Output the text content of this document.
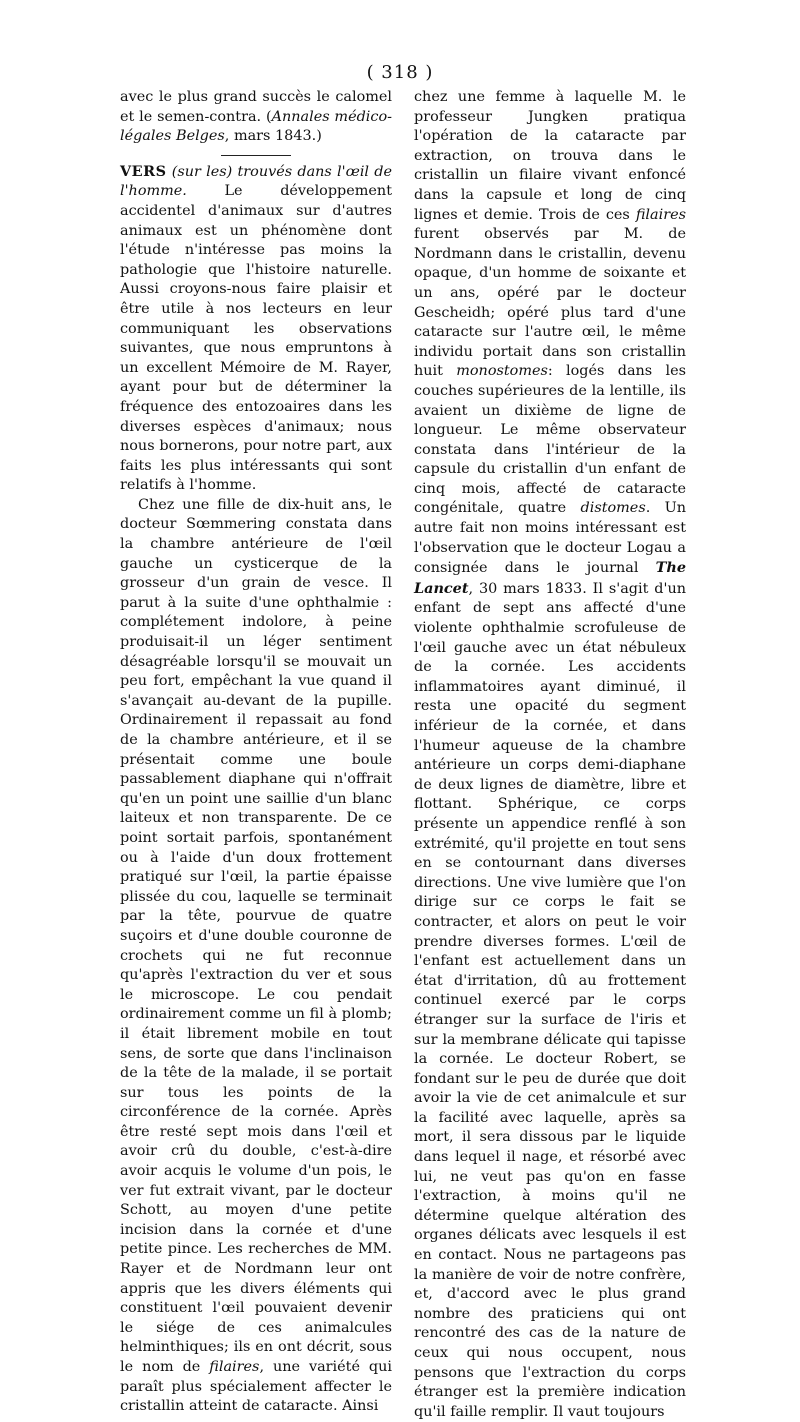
( 318 )

avec le plus grand succès le calomel et le semen-contra. (Annales médico-légales Belges, mars 1843.)

VERS (sur les) trouvés dans l'œil de l'homme. Le développement accidentel d'animaux sur d'autres animaux est un phénomène dont l'étude n'intéresse pas moins la pathologie que l'histoire naturelle. Aussi croyons-nous faire plaisir et être utile à nos lecteurs en leur communiquant les observations suivantes, que nous empruntons à un excellent Mémoire de M. Rayer, ayant pour but de déterminer la fréquence des entozoaires dans les diverses espèces d'animaux; nous nous bornerons, pour notre part, aux faits les plus intéressants qui sont relatifs à l'homme.

Chez une fille de dix-huit ans, le docteur Sœmmering constata dans la chambre antérieure de l'œil gauche un cysticerque de la grosseur d'un grain de vesce. Il parut à la suite d'une ophthalmie : complétement indolore, à peine produisait-il un léger sentiment désagréable lorsqu'il se mouvait un peu fort, empêchant la vue quand il s'avançait au-devant de la pupille. Ordinairement il repassait au fond de la chambre antérieure, et il se présentait comme une boule passablement diaphane qui n'offrait qu'en un point une saillie d'un blanc laiteux et non transparente. De ce point sortait parfois, spontanément ou à l'aide d'un doux frottement pratiqué sur l'œil, la partie épaisse plissée du cou, laquelle se terminait par la tête, pourvue de quatre suçoirs et d'une double couronne de crochets qui ne fut reconnue qu'après l'extraction du ver et sous le microscope. Le cou pendait ordinairement comme un fil à plomb; il était librement mobile en tout sens, de sorte que dans l'inclinaison de la tête de la malade, il se portait sur tous les points de la circonférence de la cornée. Après être resté sept mois dans l'œil et avoir crû du double, c'est-à-dire avoir acquis le volume d'un pois, le ver fut extrait vivant, par le docteur Schott, au moyen d'une petite incision dans la cornée et d'une petite pince. Les recherches de MM. Rayer et de Nordmann leur ont appris que les divers éléments qui constituent l'œil pouvaient devenir le siége de ces animalcules helminthiques; ils en ont décrit, sous le nom de filaires, une variété qui paraît plus spécialement affecter le cristallin atteint de cataracte. Ainsi

chez une femme à laquelle M. le professeur Jungken pratiqua l'opération de la cataracte par extraction, on trouva dans le cristallin un filaire vivant enfoncé dans la capsule et long de cinq lignes et demie. Trois de ces filaires furent observés par M. de Nordmann dans le cristallin, devenu opaque, d'un homme de soixante et un ans, opéré par le docteur Gescheidh; opéré plus tard d'une cataracte sur l'autre œil, le même individu portait dans son cristallin huit monostomes: logés dans les couches supérieures de la lentille, ils avaient un dixième de ligne de longueur. Le même observateur constata dans l'intérieur de la capsule du cristallin d'un enfant de cinq mois, affecté de cataracte congénitale, quatre distomes. Un autre fait non moins intéressant est l'observation que le docteur Logau a consignée dans le journal The Lancet, 30 mars 1833. Il s'agit d'un enfant de sept ans affecté d'une violente ophthalmie scrofuleuse de l'œil gauche avec un état nébuleux de la cornée. Les accidents inflammatoires ayant diminué, il resta une opacité du segment inférieur de la cornée, et dans l'humeur aqueuse de la chambre antérieure un corps demi-diaphane de deux lignes de diamètre, libre et flottant. Sphérique, ce corps présente un appendice renflé à son extrémité, qu'il projette en tout sens en se contournant dans diverses directions. Une vive lumière que l'on dirige sur ce corps le fait se contracter, et alors on peut le voir prendre diverses formes. L'œil de l'enfant est actuellement dans un état d'irritation, dû au frottement continuel exercé par le corps étranger sur la surface de l'iris et sur la membrane délicate qui tapisse la cornée. Le docteur Robert, se fondant sur le peu de durée que doit avoir la vie de cet animalcule et sur la facilité avec laquelle, après sa mort, il sera dissous par le liquide dans lequel il nage, et résorbé avec lui, ne veut pas qu'on en fasse l'extraction, à moins qu'il ne détermine quelque altération des organes délicats avec lesquels il est en contact. Nous ne partageons pas la manière de voir de notre confrère, et, d'accord avec le plus grand nombre des praticiens qui ont rencontré des cas de la nature de ceux qui nous occupent, nous pensons que l'extraction du corps étranger est la première indication qu'il faille remplir. Il vaut toujours
